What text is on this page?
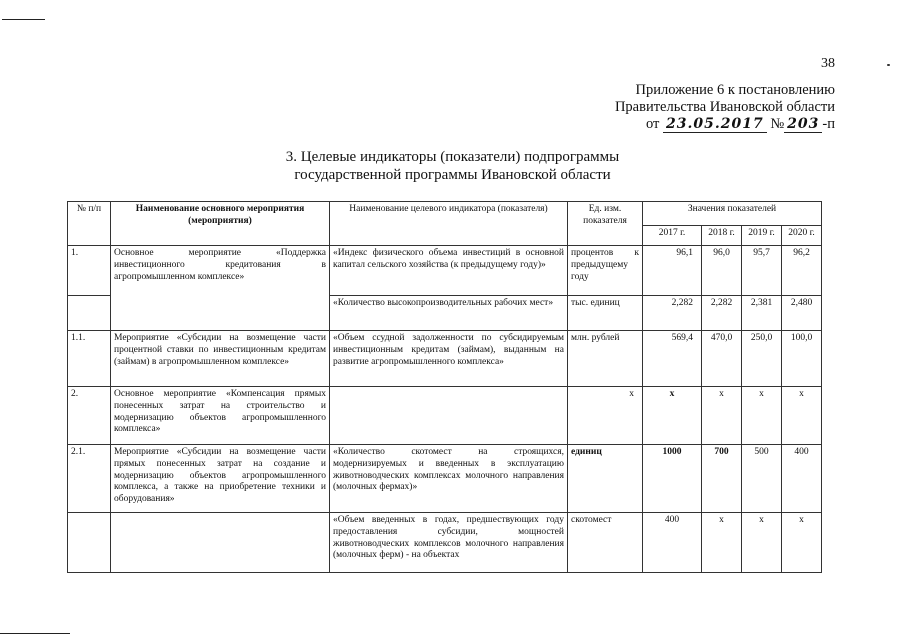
38
Приложение 6 к постановлению
Правительства Ивановской области
от 23.05.2017 № 203 -п
3. Целевые индикаторы (показатели) подпрограммы
государственной программы Ивановской области
№ п/п	Наименование основного мероприятия (мероприятия)	Наименование целевого индикатора (показателя)	Ед. изм. показателя	Значения показателей			
				2017 г.	2018 г.	2019 г.	2020 г.
1.	Основное мероприятие «Поддержка инвестиционного кредитования в агропромышленном комплексе»	«Индекс физического объема инвестиций в основной капитал сельского хозяйства (к предыдущему году)»	процентов к предыдущему году	96,1	96,0	95,7	96,2
		«Количество высокопроизводительных рабочих мест»	тыс. единиц	2,282	2,282	2,381	2,480
1.1.	Мероприятие «Субсидии на возмещение части процентной ставки по инвестиционным кредитам (займам) в агропромышленном комплексе»	«Объем ссудной задолженности по субсидируемым инвестиционным кредитам (займам), выданным на развитие агропромышленного комплекса»	млн. рублей	569,4	470,0	250,0	100,0
2.	Основное мероприятие «Компенсация прямых понесенных затрат на строительство и модернизацию объектов агропромышленного комплекса»		х	х	х	х	х
2.1.	Мероприятие «Субсидии на возмещение части прямых понесенных затрат на создание и модернизацию объектов агропромышленного комплекса, а также на приобретение техники и оборудования»	«Количество скотомест на строящихся, модернизируемых и введенных в эксплуатацию животноводческих комплексах молочного направления (молочных фермах)»	единиц	1000	700	500	400
		«Объем введенных в годах, предшествующих году предоставления субсидии, мощностей животноводческих комплексов молочного направления (молочных ферм) - на объектах	скотомест	400	х	х	х
